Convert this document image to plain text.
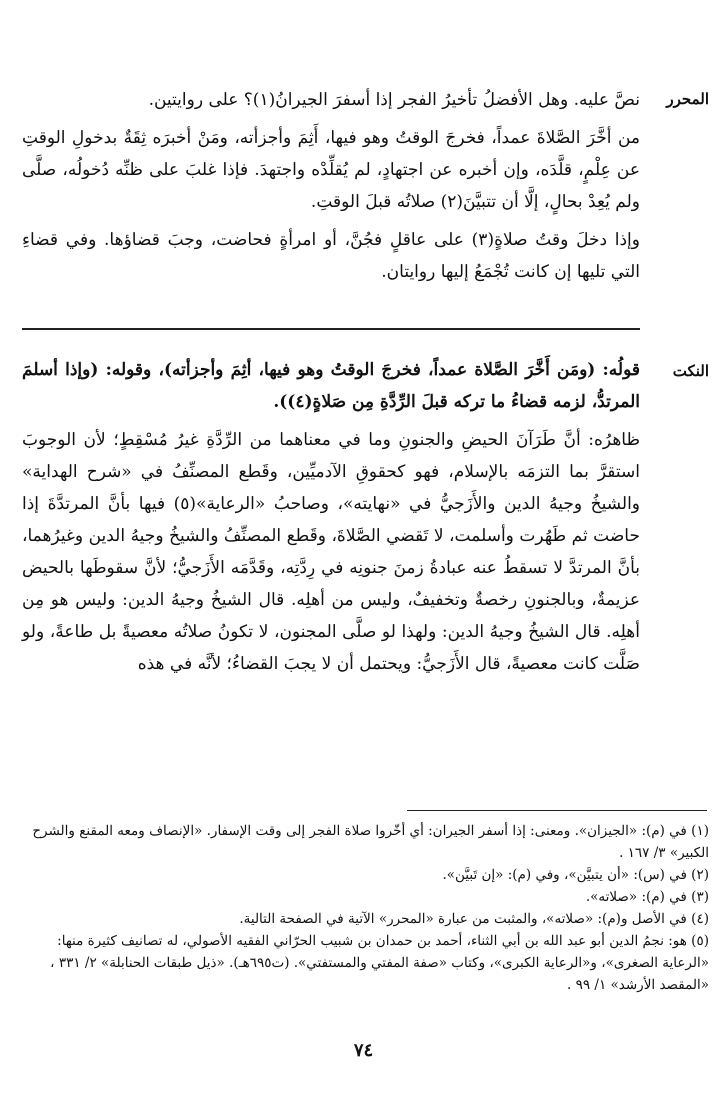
المحرر

نصَّ عليه. وهل الأفضلُ تأخيرُ الفجر إذا أسفرَ الجيرانُ(١)؟ على روايتين.

من أخَّرَ الصَّلاةَ عمداً، فخرجَ الوقتُ وهو فيها، أَثِمَ وأجزأته، ومَنْ أخبرَه ثِقَةٌ بدخولِ الوقتِ عن عِلْمٍ، قلَّدَه، وإن أخبره عن اجتهادٍ، لم يُقلِّدْه واجتهدَ. فإذا غلبَ على ظنِّه دُخولُه، صلَّى ولم يُعِدْ بحالٍ، إلَّا أن تتبيَّنَ(٢) صلاتُه قبلَ الوقتِ.

وإذا دخلَ وقتُ صلاةٍ(٣) على عاقلٍ فجُنَّ، أو امرأةٍ فحاضت، وجبَ قضاؤها. وفي قضاءِ التي تليها إن كانت تُجْمَعُ إليها روايتان.

النكت

قولُه: (ومَن أَخَّرَ الصَّلاة عمداً، فخرجَ الوقتُ وهو فيها، أثِمَ وأجزأته)، وقوله: (وإذا أسلمَ المرتدُّ، لزمه قضاءُ ما تركه قبلَ الرِّدَّةِ مِن صَلاةٍ(٤)).

ظاهرُه: أنَّ طَرَآنَ الحيضِ والجنونِ وما في معناهما من الرِّدَّةِ غيرُ مُسْقِطٍ؛ لأن الوجوبَ استقرَّ بما التزمَه بالإسلام، فهو كحقوقِ الآدميِّين، وقَطع المصنِّفُ في «شرح الهداية» والشيخُ وجيهُ الدين والأَزَجيُّ في «نهايته»، وصاحبُ «الرعاية»(٥) فيها بأنَّ المرتدَّةَ إذا حاضت ثم طَهُرت وأسلمت، لا تَقضي الصَّلاةَ، وقَطع المصنِّفُ والشيخُ وجيهُ الدين وغيرُهما، بأنَّ المرتدَّ لا تسقطُ عنه عبادةُ زمنَ جنونِه في رِدَّتِه، وقَدَّمَه الأَزَجيُّ؛ لأنَّ سقوطَها بالحيض عزيمةٌ، وبالجنونِ رخصةٌ وتخفيفٌ، وليس من أهلِه. قال الشيخُ وجيهُ الدين: وليس هو مِن أهلِه. قال الشيخُ وجيهُ الدين: ولهذا لو صلَّى المجنون، لا تكونُ صلاتُه معصيةً بل طاعةً، ولو صَلَّت كانت معصيةً، قال الأَزَجيُّ: ويحتمل أن لا يجبَ القضاءُ؛ لأنَّه في هذه

(١) في (م): «الجيزان». ومعنى: إذا أسفر الجيران: أي أخّروا صلاة الفجر إلى وقت الإسفار. «الإنصاف ومعه المقنع والشرح الكبير» ٣/ ١٦٧ .
(٢) في (س): «أن يتبيَّن»، وفي (م): «إن تَبيَّن».
(٣) في (م): «صلاته».
(٤) في الأصل و(م): «صلاته»، والمثبت من عبارة «المحرر» الآتية في الصفحة التالية.
(٥) هو: نجمُ الدين أبو عبد الله بن أبي الثناء، أحمد بن حمدان بن شبيب الحرّاني الفقيه الأصولي، له تصانيف كثيرة منها: «الرعاية الصغرى»، و«الرعاية الكبرى»، وكتاب «صفة المفتي والمستفتي». (ت٦٩٥هـ). «ذيل طبقات الحنابلة» ٢/ ٣٣١ ، «المقصد الأرشد» ١/ ٩٩ .
٧٤
